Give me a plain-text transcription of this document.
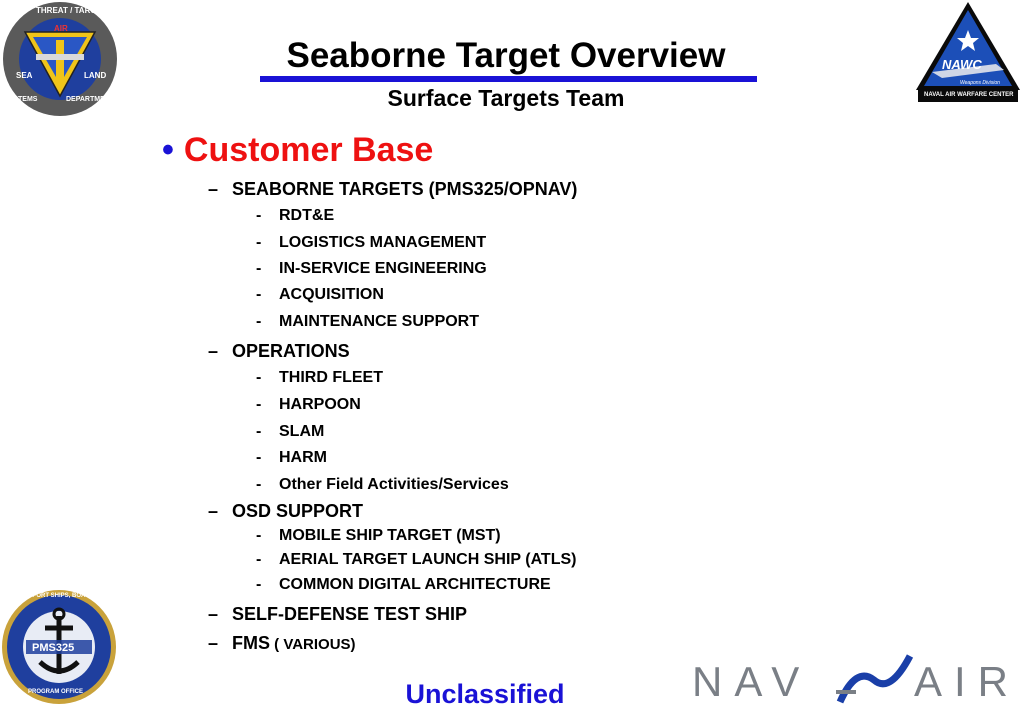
THREAT / TARGET
AIR
SEA	LAND
SYSTEMS	DEPARTMENT
NAWC
Weapons Division
NAVAL AIR WARFARE CENTER
Seaborne Target Overview
Surface Targets Team
• Customer Base
– SEABORNE TARGETS (PMS325/OPNAV)
- RDT&E
- LOGISTICS MANAGEMENT
- IN-SERVICE ENGINEERING
- ACQUISITION
- MAINTENANCE SUPPORT
– OPERATIONS
- THIRD FLEET
- HARPOON
- SLAM
- HARM
- Other Field Activities/Services
– OSD SUPPORT
- MOBILE SHIP TARGET (MST)
- AERIAL TARGET LAUNCH SHIP (ATLS)
- COMMON DIGITAL ARCHITECTURE
– SELF-DEFENSE TEST SHIP
– FMS ( VARIOUS)
SUPPORT SHIPS, BOATS, AND CRAFT
PMS325
PROGRAM OFFICE	Unclassified	NAV AIR
